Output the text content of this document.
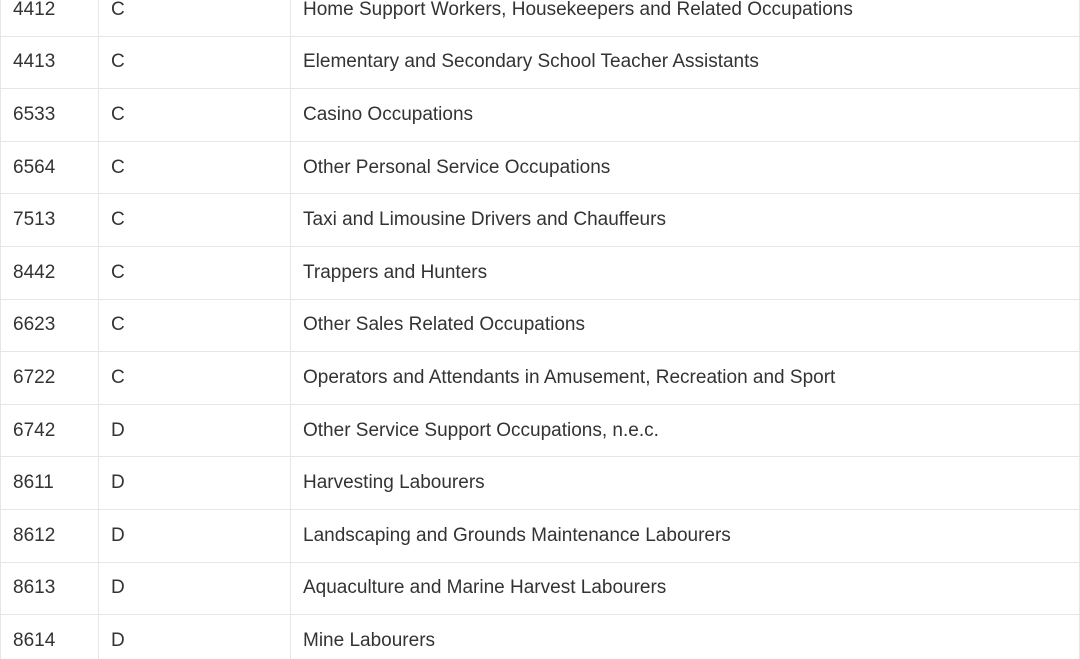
4412	C	Home Support Workers, Housekeepers and Related Occupations
4413	C	Elementary and Secondary School Teacher Assistants
6533	C	Casino Occupations
6564	C	Other Personal Service Occupations
7513	C	Taxi and Limousine Drivers and Chauffeurs
8442	C	Trappers and Hunters
6623	C	Other Sales Related Occupations
6722	C	Operators and Attendants in Amusement, Recreation and Sport
6742	D	Other Service Support Occupations, n.e.c.
8611	D	Harvesting Labourers
8612	D	Landscaping and Grounds Maintenance Labourers
8613	D	Aquaculture and Marine Harvest Labourers
8614	D	Mine Labourers
